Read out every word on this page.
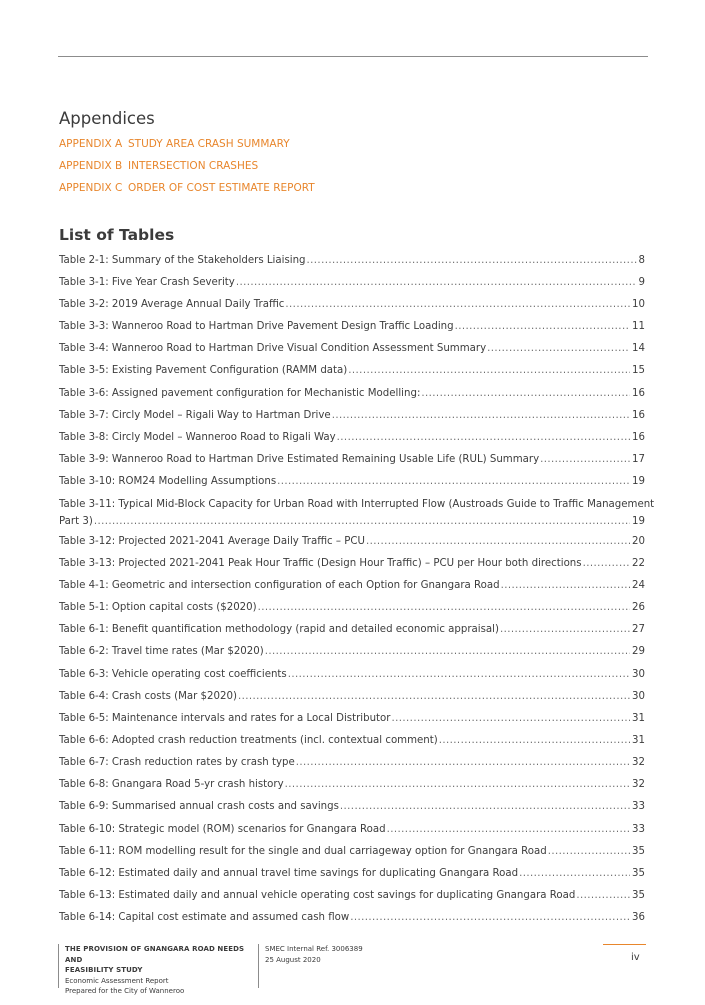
Appendices
APPENDIX A STUDY AREA CRASH SUMMARY
APPENDIX B INTERSECTION CRASHES
APPENDIX C ORDER OF COST ESTIMATE REPORT
List of Tables
Table 2-1: Summary of the Stakeholders Liaising .....	8
Table 3-1: Five Year Crash Severity .....	9
Table 3-2: 2019 Average Annual Daily Traffic .....	10
Table 3-3: Wanneroo Road to Hartman Drive Pavement Design Traffic Loading .....	11
Table 3-4: Wanneroo Road to Hartman Drive Visual Condition Assessment Summary .....	14
Table 3-5: Existing Pavement Configuration (RAMM data) .....	15
Table 3-6: Assigned pavement configuration for Mechanistic Modelling: .....	16
Table 3-7: Circly Model – Rigali Way to Hartman Drive .....	16
Table 3-8: Circly Model – Wanneroo Road to Rigali Way .....	16
Table 3-9: Wanneroo Road to Hartman Drive Estimated Remaining Usable Life (RUL) Summary .....	17
Table 3-10: ROM24 Modelling Assumptions .....	19
Table 3-11: Typical Mid-Block Capacity for Urban Road with Interrupted Flow (Austroads Guide to Traffic Management
Part 3) .....	19
Table 3-12: Projected 2021-2041 Average Daily Traffic – PCU .....	20
Table 3-13: Projected 2021-2041 Peak Hour Traffic (Design Hour Traffic) – PCU per Hour both directions .....	22
Table 4-1: Geometric and intersection configuration of each Option for Gnangara Road .....	24
Table 5-1: Option capital costs ($2020) .....	26
Table 6-1: Benefit quantification methodology (rapid and detailed economic appraisal) .....	27
Table 6-2: Travel time rates (Mar $2020) .....	29
Table 6-3: Vehicle operating cost coefficients .....	30
Table 6-4: Crash costs (Mar $2020) .....	30
Table 6-5: Maintenance intervals and rates for a Local Distributor .....	31
Table 6-6: Adopted crash reduction treatments (incl. contextual comment) .....	31
Table 6-7: Crash reduction rates by crash type .....	32
Table 6-8: Gnangara Road 5-yr crash history .....	32
Table 6-9: Summarised annual crash costs and savings .....	33
Table 6-10: Strategic model (ROM) scenarios for Gnangara Road .....	33
Table 6-11: ROM modelling result for the single and dual carriageway option for Gnangara Road .....	35
Table 6-12: Estimated daily and annual travel time savings for duplicating Gnangara Road .....	35
Table 6-13: Estimated daily and annual vehicle operating cost savings for duplicating Gnangara Road .....	35
Table 6-14: Capital cost estimate and assumed cash flow .....	36
THE PROVISION OF GNANGARA ROAD NEEDS AND
FEASIBILITY STUDY
Economic Assessment Report
Prepared for the City of Wanneroo
SMEC Internal Ref. 3006389
25 August 2020	iv
